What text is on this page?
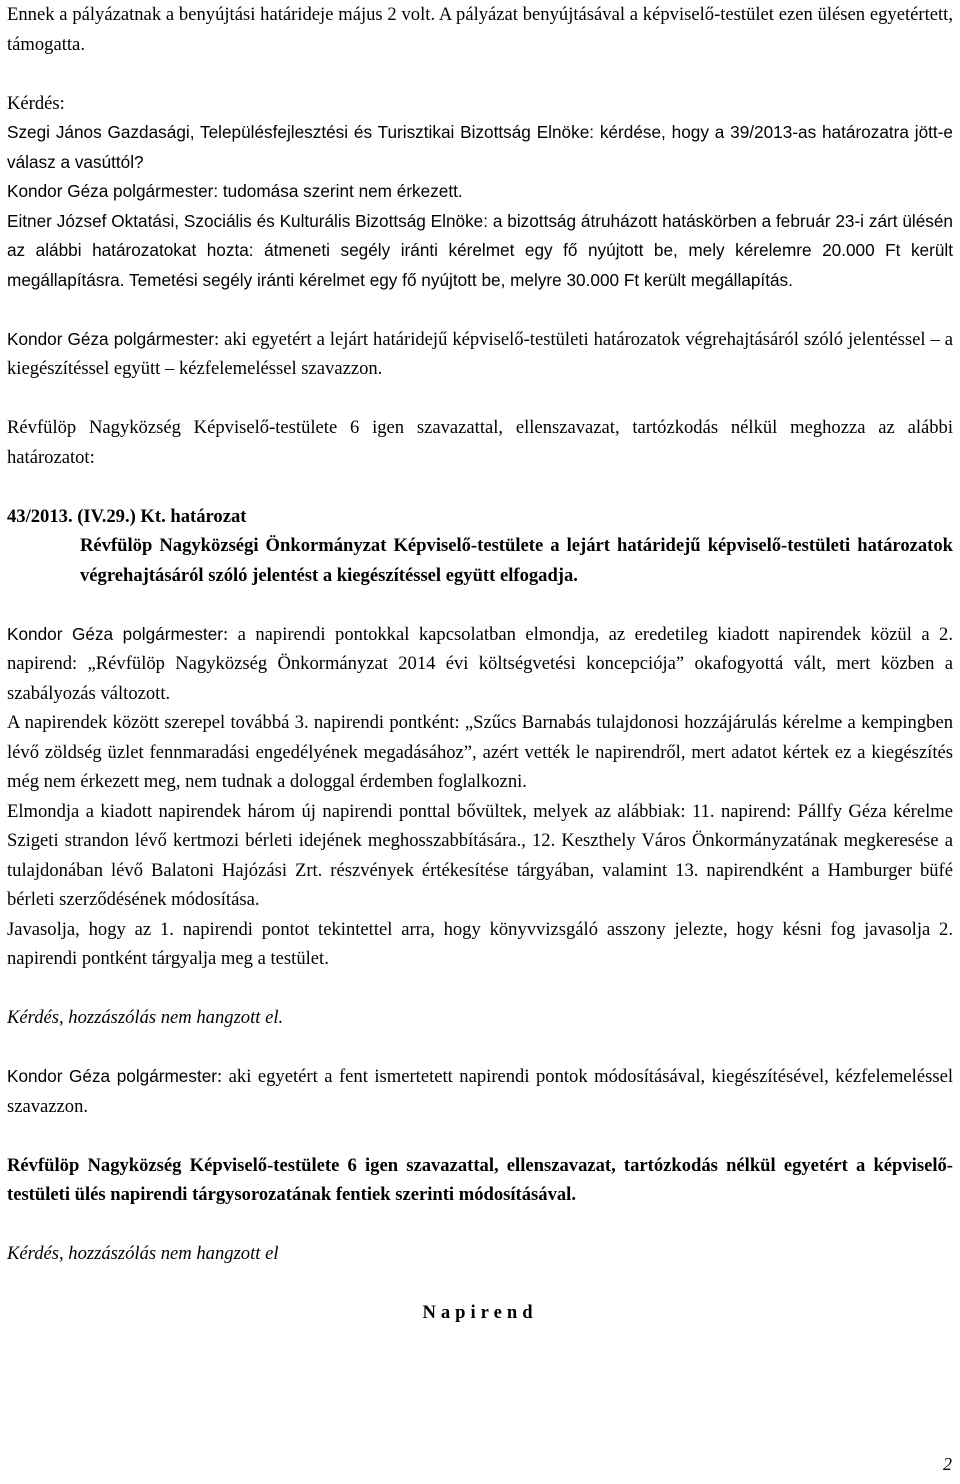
Ennek a pályázatnak a benyújtási határideje május 2 volt. A pályázat benyújtásával a képviselő-testület ezen ülésen egyetértett, támogatta.

Kérdés:

Szegi János Gazdasági, Településfejlesztési és Turisztikai Bizottság Elnöke: kérdése, hogy a 39/2013-as határozatra jött-e válasz a vasúttól?

Kondor Géza polgármester: tudomása szerint nem érkezett.

Eitner József Oktatási, Szociális és Kulturális Bizottság Elnöke: a bizottság átruházott hatáskörben a február 23-i zárt ülésén az alábbi határozatokat hozta: átmeneti segély iránti kérelmet egy fő nyújtott be, mely kérelemre 20.000 Ft került megállapításra. Temetési segély iránti kérelmet egy fő nyújtott be, melyre 30.000 Ft került megállapítás.

Kondor Géza polgármester: aki egyetért a lejárt határidejű képviselő-testületi határozatok végrehajtásáról szóló jelentéssel – a kiegészítéssel együtt – kézfelemeléssel szavazzon.

Révfülöp Nagyközség Képviselő-testülete 6 igen szavazattal, ellenszavazat, tartózkodás nélkül meghozza az alábbi határozatot:

43/2013. (IV.29.) Kt. határozat

Révfülöp Nagyközségi Önkormányzat Képviselő-testülete a lejárt határidejű képviselő-testületi határozatok végrehajtásáról szóló jelentést a kiegészítéssel együtt elfogadja.

Kondor Géza polgármester: a napirendi pontokkal kapcsolatban elmondja, az eredetileg kiadott napirendek közül a 2. napirend: „Révfülöp Nagyközség Önkormányzat 2014 évi költségvetési koncepciója” okafogyottá vált, mert közben a szabályozás változott.

A napirendek között szerepel továbbá 3. napirendi pontként: „Szűcs Barnabás tulajdonosi hozzájárulás kérelme a kempingben lévő zöldség üzlet fennmaradási engedélyének megadásához”, azért vették le napirendről, mert adatot kértek ez a kiegészítés még nem érkezett meg, nem tudnak a dologgal érdemben foglalkozni.

Elmondja a kiadott napirendek három új napirendi ponttal bővültek, melyek az alábbiak: 11. napirend: Pállfy Géza kérelme Szigeti strandon lévő kertmozi bérleti idejének meghosszabbítására., 12. Keszthely Város Önkormányzatának megkeresése a tulajdonában lévő Balatoni Hajózási Zrt. részvények értékesítése tárgyában, valamint 13. napirendként a Hamburger büfé bérleti szerződésének módosítása.

Javasolja, hogy az 1. napirendi pontot tekintettel arra, hogy könyvvizsgáló asszony jelezte, hogy késni fog javasolja 2. napirendi pontként tárgyalja meg a testület.

Kérdés, hozzászólás nem hangzott el.

Kondor Géza polgármester: aki egyetért a fent ismertetett napirendi pontok módosításával, kiegészítésével, kézfelemeléssel szavazzon.

Révfülöp Nagyközség Képviselő-testülete 6 igen szavazattal, ellenszavazat, tartózkodás nélkül egyetért a képviselő-testületi ülés napirendi tárgysorozatának fentiek szerinti módosításával.

Kérdés, hozzászólás nem hangzott el

Napirend

2
